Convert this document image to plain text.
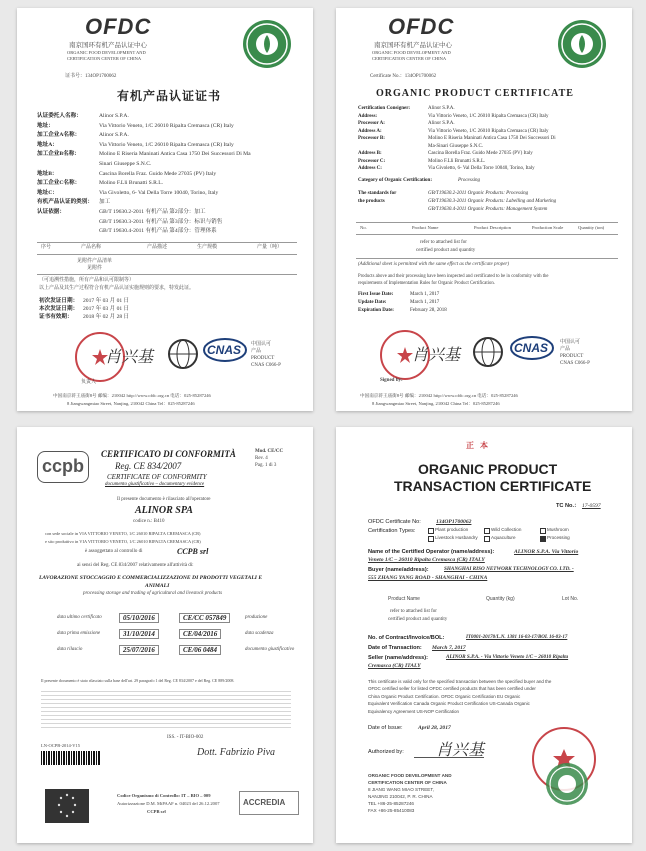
OFDC
南京国环有机产品认证中心
ORGANIC FOOD DEVELOPMENT AND
CERTIFICATION CENTER OF CHINA
证书号：134OP1700062
有机产品认证证书
认证委托人名称：	Alinor S.P.A.
地址：	Via Vittorio Veneto, 1/C 26010 Ripalta Cremasca (CR) Italy
加工企业A名称：	Alinor S.P.A.
地址A：	Via Vittorio Veneto, 1/C 26010 Ripalta Cremasca (CR) Italy
加工企业B名称：	Molino E Riseria Maninati Antica Casa 1750 Dei Successori Di Ma
Sinari Giuseppe S.N.C.
地址B：	Cascina Borella Fraz. Guido Mede 27035 (PV) Italy
加工企业C名称：	Molino F.Lli Brunatti S.R.L.
地址C：	Via Givoletto, 6- Val Della Torre 10040, Torino, Italy
有机产品认证的类别： 加工
认证依据：	GB/T 19630.2-2011 有机产品 第2部分：加工
GB/T 19630.3-2011 有机产品 第3部分：标识与销售
GB/T 19630.4-2011 有机产品 第4部分：管理体系
序号	产品名称	产品描述	生产规模	产量（吨）
见附件产品清单
见附件
（可追溯性措施，所有产品和认可限制等）
以上产品及其生产过程符合有机产品认证实施规则的要求，特发此证。
初次发证日期： 2017 年 03 月 01 日
本次发证日期： 2017 年 03 月 01 日
证书有效期： 2018 年 02 月 28 日
肖兴基
负责人
CNAS 中国认可
产品
PRODUCT
CNAS C066-P
中国南京蒋王庙街8号 邮编：210042 http://www.ofdc.org.cn 电话：025-85287246
8 Jiangwangmiao Street, Nanjing, 210042 China Tel：025-85287246
OFDC
南京国环有机产品认证中心
ORGANIC FOOD DEVELOPMENT AND
CERTIFICATION CENTER OF CHINA
Certificate No.：134OP1700062
ORGANIC PRODUCT CERTIFICATE
Certification Consigner:	Alinor S.P.A.
Address:	Via Vittorio Veneto, 1/C 26010 Ripalta Cremasca (CR) Italy
Processor A:	Alinor S.P.A.
Address A:	Via Vittorio Veneto, 1/C 26010 Ripalta Cremasca (CR) Italy
Processor B:	Molino E Riseria Maninati Antica Casa 1750 Dei Successori Di
Ma-Sinari Giuseppe S.N.C.
Address B:	Cascina Borella Fraz. Guido Mede 27035 (PV) Italy
Processor C:	Molino F.Lli Brunatti S.R.L.
Address C:	Via Givoletto, 6- Val Della Torre 10040, Torino, Italy
Category of Organic Certification:	Processing
The standards for	GB/T19630.2-2011 Organic Products: Processing
the products	GB/T19630.3-2011 Organic Products: Labelling and Marketing
GB/T19630.4-2011 Organic Products: Management System
No.	Product Name	Product Description	Production Scale	Quantity (ton)
refer to attached list for
certified product and quantity
(Additional sheet is permitted with the same effect as the certificate proper)
Products above and their processing have been inspected and certificated to be in conformity with the
requirements of Implementation Rules for Organic Product Certification.
First Issue Date:	March 1, 2017
Update Date:	March 1, 2017
Expiration Date:	February 28, 2018
肖兴基
Signed by:
CNAS 中国认可
产品
PRODUCT
CNAS C066-P
中国南京蒋王庙街8号 邮编：210042 http://www.ofdc.org.cn 电话：025-85287246
8 Jiangwangmiao Street, Nanjing, 210042 China Tel：025-85287246
ccpb
CERTIFICATO DI CONFORMITÀ
Reg. CE 834/2007
CERTIFICATE OF CONFORMITY
documento giustificativo – documentary evidence
Mod. CE/CC
Rev. 4
Pag. 1 di 3
Il presente documento è rilasciato all'operatore
ALINOR SPA
codice n.: B410
con sede sociale in VIA VITTORIO VENETO, 1/C 26010 RIPALTA CREMASCA (CR)
e sito produttivo in VIA VITTORIO VENETO, 1/C 26010 RIPALTA CREMASCA (CR)
è assoggettato al controllo di	CCPB srl
ai sensi del Reg. CE 834/2007 relativamente all'attività di:
LAVORAZIONE STOCCAGGIO E COMMERCIALIZZAZIONE DI PRODOTTI VEGETALI E
ANIMALI
processing storage and trading of agricultural and livestock products
data ultimo certificato	05/10/2016	CE/CC 057849	produzione
data prima emissione	31/10/2014	CE/04/2016	data scadenza
data rilascio	25/07/2016	CE/06 0484	documento giustificativo
Il presente documento è stato rilasciato sulla base dell'art. 29 paragrafo 1 del Reg. CE 834/2007 e del Reg. CE 889/2008.
ISS. - IT-BIO-002
LN-OCPB-2014-V15
Dott. Fabrizio Piva
Codice Organismo di Controllo: IT – BIO – 009
Autorizzazione D.M. MiPAAF n. 04023 del 26.12.2007
CCPB srl
ACCREDIA
正 本
ORGANIC PRODUCT
TRANSACTION CERTIFICATE
TC No.： 17-0597
OFDC Certificate No:	134OP1700062
Certification Types:	Plant production	Wild Collection	Mushroom
Livestock Husbandry	Aquaculture	Processing
Name of the Certified Operator (name/address):	ALINOR S.P.A. Via Vittorio
Veneto 1/C – 26010 Ripalta Cremasca (CR) ITALY
Buyer (name/address):	SHANGHAI RISO NETWORK TECHNOLOGY CO. LTD. -
555 ZHANG YANG ROAD - SHANGHAI - CHINA
Product Name	Quantity (kg)	Lot No.
refer to attached list for
certified product and quantity
No. of Contract/Invoice/BOL:	IT0001-20170/L.N. 1381 16-03-17/BOL 16-03-17
Date of Transaction: March 7, 2017
Seller (name/address):	ALINOR S.P.A. - Via Vittorio Veneto 1/C – 26010 Ripalta
Cremasca (CR) ITALY
This certificate is valid only for the specified transaction between the specified buyer and the
OFDC certified seller for listed OFDC certified products that has been certified under
China Organic Product Certification. OFDC Organic Certification EU Organic
Equivalent Verification Canada Organic Product Certification US-Canada Organic
Equivalency Agreement US-NOP Certification
Date of Issue:	April 28, 2017
Authorized by: 肖兴基
ORGANIC FOOD DEVELOPMENT AND
CERTIFICATION CENTER OF CHINA
8 JIANG WANG MIAO STREET,
NANJING 210042, P. R. CHINA
TEL +86-25-85287246
FAX +86-25-85410083
